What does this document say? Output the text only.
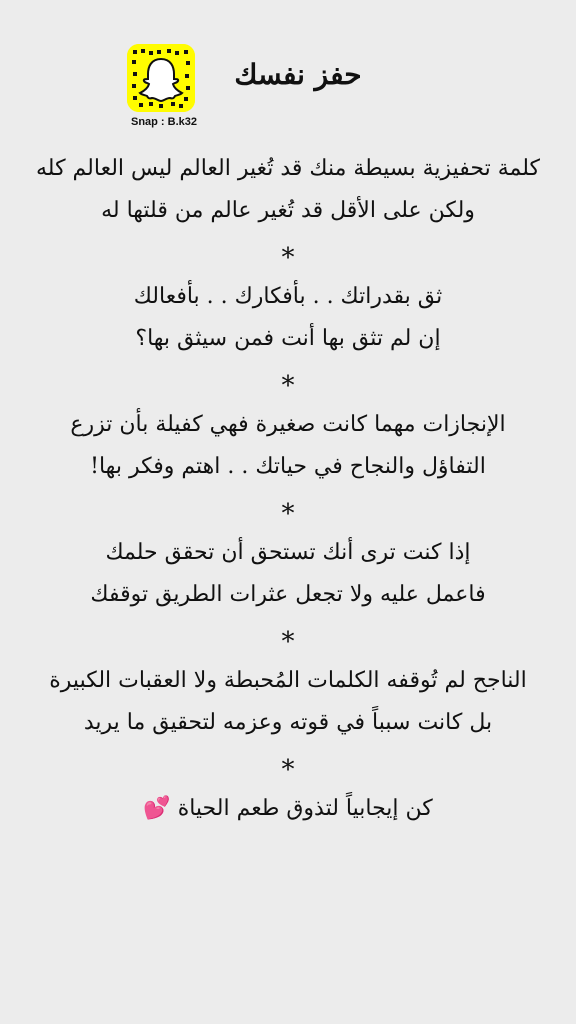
Snap : B.k32
حفز نفسك
كلمة تحفيزية بسيطة منك قد تُغير العالم ليس العالم كله
ولكن على الأقل قد تُغير عالم من قلتها له
*
ثق بقدراتك . . بأفكارك . . بأفعالك
إن لم تثق بها أنت فمن سيثق بها؟
*
الإنجازات مهما كانت صغيرة فهي كفيلة بأن تزرع
التفاؤل والنجاح في حياتك . . اهتم وفكر بها!
*
إذا كنت ترى أنك تستحق أن تحقق حلمك
فاعمل عليه ولا تجعل عثرات الطريق توقفك
*
الناجح لم تُوقفه الكلمات المُحبطة ولا العقبات الكبيرة
بل كانت سبباً في قوته وعزمه لتحقيق ما يريد
*
كن إيجابياً لتذوق طعم الحياة 💕
